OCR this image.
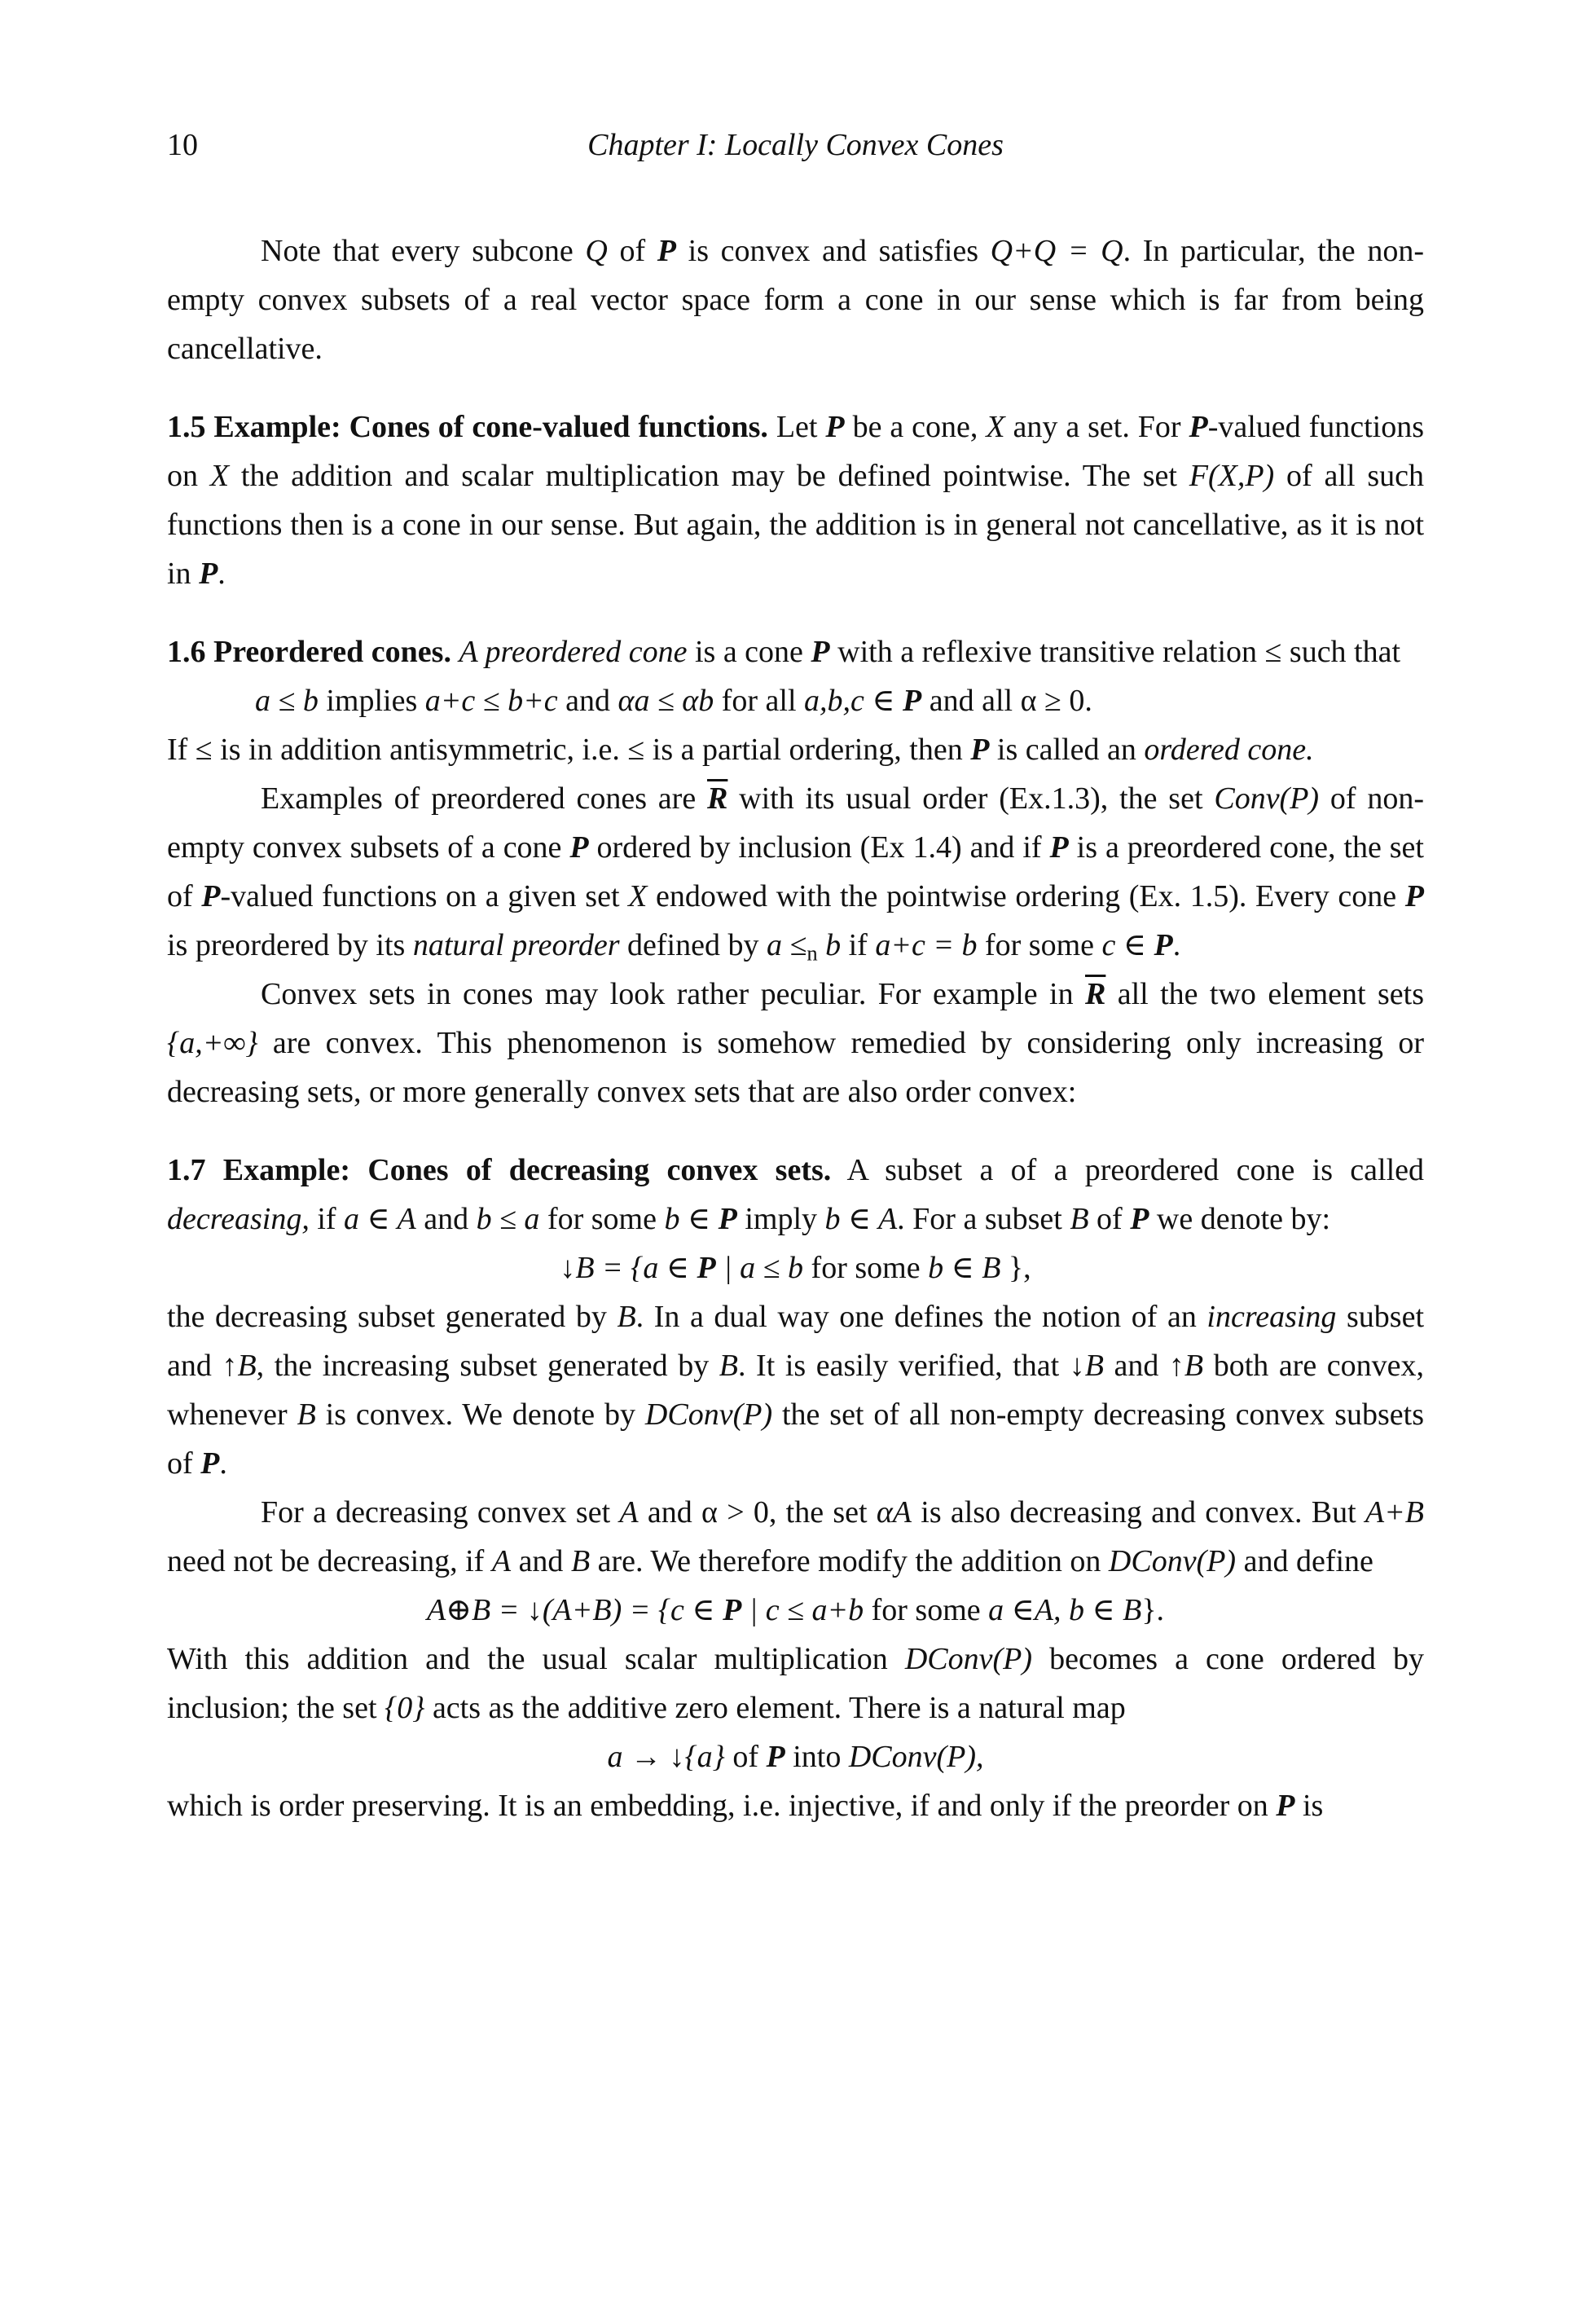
10	Chapter I: Locally Convex Cones

Note that every subcone Q of P is convex and satisfies Q+Q = Q. In particular, the non-empty convex subsets of a real vector space form a cone in our sense which is far from being cancellative.

1.5 Example: Cones of cone-valued functions. Let P be a cone, X any a set. For P-valued functions on X the addition and scalar multiplication may be defined pointwise. The set F(X,P) of all such functions then is a cone in our sense. But again, the addition is in general not cancellative, as it is not in P.

1.6 Preordered cones. A preordered cone is a cone P with a reflexive transitive relation ≤ such that

a ≤ b implies a+c ≤ b+c and αa ≤ αb for all a,b,c ∈ P and all α ≥ 0.

If ≤ is in addition antisymmetric, i.e. ≤ is a partial ordering, then P is called an ordered cone.

Examples of preordered cones are $\overline{R}$ with its usual order (Ex.1.3), the set Conv(P) of non-empty convex subsets of a cone P ordered by inclusion (Ex 1.4) and if P is a preordered cone, the set of P-valued functions on a given set X endowed with the pointwise ordering (Ex. 1.5). Every cone P is preordered by its natural preorder defined by $a \le_n$ b if a+c = b for some c ∈ P.

Convex sets in cones may look rather peculiar. For example in $\overline{R}$ all the two element sets {a,+∞} are convex. This phenomenon is somehow remedied by considering only increasing or decreasing sets, or more generally convex sets that are also order convex:

1.7 Example: Cones of decreasing convex sets. A subset a of a preordered cone is called decreasing, if a ∈ A and b ≤ a for some b ∈ P imply b ∈ A. For a subset B of P we denote by:

↓B = {a ∈ P | a ≤ b for some b ∈ B },

the decreasing subset generated by B. In a dual way one defines the notion of an increasing subset and ↑B, the increasing subset generated by B. It is easily verified, that ↓B and ↑B both are convex, whenever B is convex. We denote by DConv(P) the set of all non-empty decreasing convex subsets of P.

For a decreasing convex set A and α > 0, the set αA is also decreasing and convex. But A+B need not be decreasing, if A and B are. We therefore modify the addition on DConv(P) and define

A⊕B = ↓(A+B) = {c ∈ P | c ≤ a+b for some a ∈A, b ∈ B}.

With this addition and the usual scalar multiplication DConv(P) becomes a cone ordered by inclusion; the set {0} acts as the additive zero element. There is a natural map

a → ↓{a} of P into DConv(P),

which is order preserving. It is an embedding, i.e. injective, if and only if the preorder on P is
